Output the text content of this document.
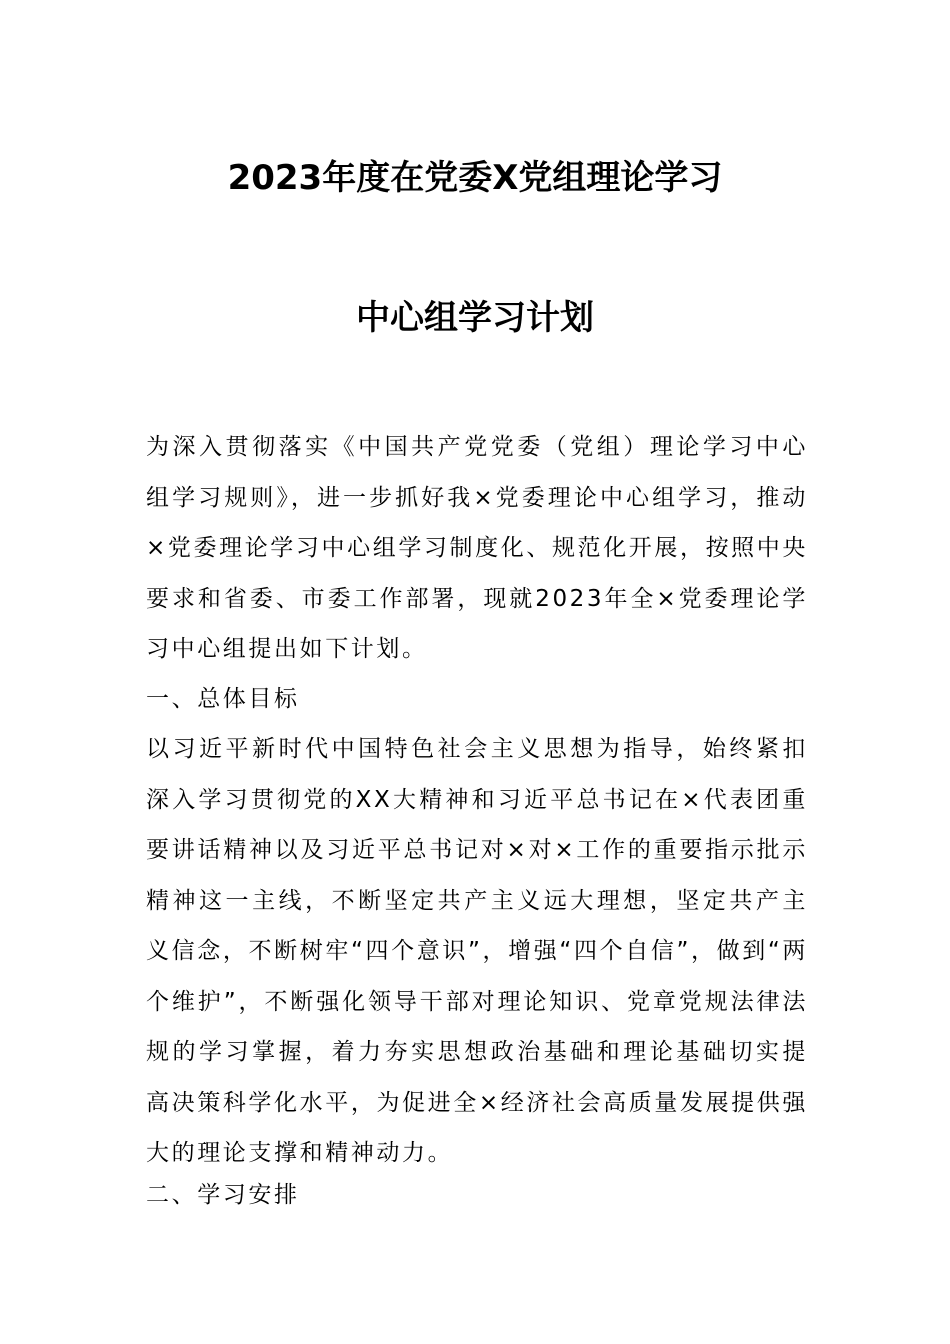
2023年度在党委X党组理论学习
中心组学习计划

为深入贯彻落实《中国共产党党委（党组）理论学习中心组学习规则》，进一步抓好我×党委理论中心组学习，推动×党委理论学习中心组学习制度化、规范化开展，按照中央要求和省委、市委工作部署，现就2023年全×党委理论学习中心组提出如下计划。

一、总体目标

以习近平新时代中国特色社会主义思想为指导，始终紧扣深入学习贯彻党的XX大精神和习近平总书记在×代表团重要讲话精神以及习近平总书记对×对×工作的重要指示批示精神这一主线，不断坚定共产主义远大理想，坚定共产主义信念，不断树牢“四个意识”，增强“四个自信”，做到“两个维护”，不断强化领导干部对理论知识、党章党规法律法规的学习掌握，着力夯实思想政治基础和理论基础切实提高决策科学化水平，为促进全×经济社会高质量发展提供强大的理论支撑和精神动力。

二、学习安排
